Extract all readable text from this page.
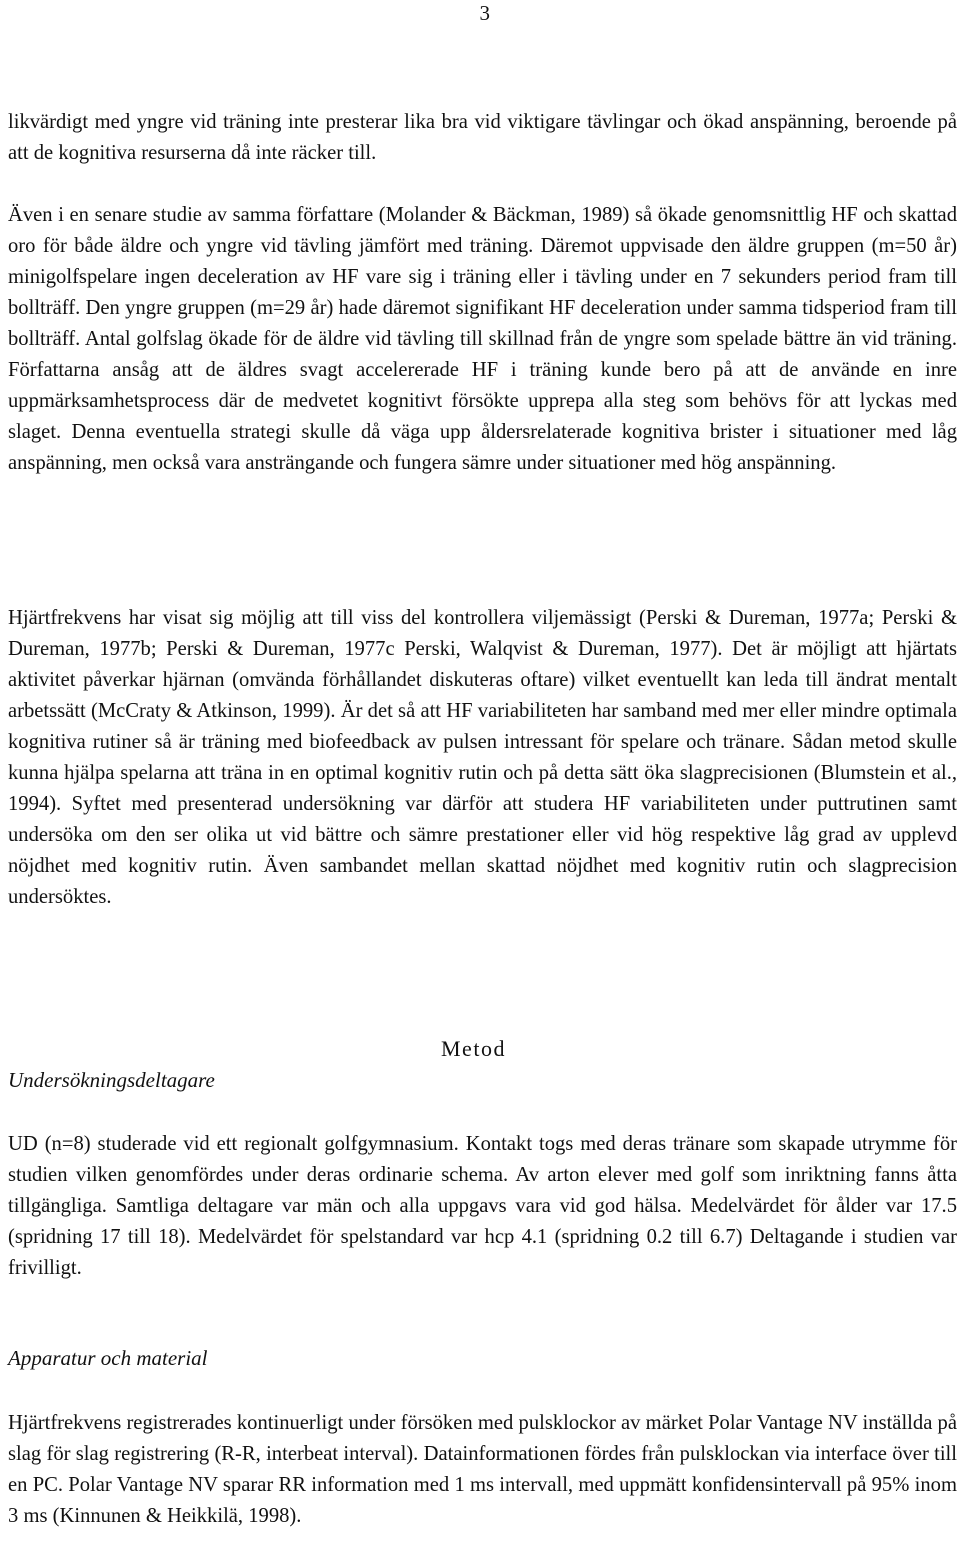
3

likvärdigt med yngre vid träning inte presterar lika bra vid viktigare tävlingar och ökad anspänning, beroende på att de kognitiva resurserna då inte räcker till.

Även i en senare studie av samma författare (Molander & Bäckman, 1989) så ökade genomsnittlig HF och skattad oro för både äldre och yngre vid tävling jämfört med träning. Däremot uppvisade den äldre gruppen (m=50 år) minigolfspelare ingen deceleration av HF vare sig i träning eller i tävling under en 7 sekunders period fram till bollträff. Den yngre gruppen (m=29 år) hade däremot signifikant HF deceleration under samma tidsperiod fram till bollträff. Antal golfslag ökade för de äldre vid tävling till skillnad från de yngre som spelade bättre än vid träning. Författarna ansåg att de äldres svagt accelererade HF i träning kunde bero på att de använde en inre uppmärksamhetsprocess där de medvetet kognitivt försökte upprepa alla steg som behövs för att lyckas med slaget. Denna eventuella strategi skulle då väga upp åldersrelaterade kognitiva brister i situationer med låg anspänning, men också vara ansträngande och fungera sämre under situationer med hög anspänning.

Hjärtfrekvens har visat sig möjlig att till viss del kontrollera viljemässigt (Perski & Dureman, 1977a; Perski & Dureman, 1977b; Perski & Dureman, 1977c Perski, Walqvist & Dureman, 1977). Det är möjligt att hjärtats aktivitet påverkar hjärnan (omvända förhållandet diskuteras oftare) vilket eventuellt kan leda till ändrat mentalt arbetssätt (McCraty & Atkinson, 1999). Är det så att HF variabiliteten har samband med mer eller mindre optimala kognitiva rutiner så är träning med biofeedback av pulsen intressant för spelare och tränare. Sådan metod skulle kunna hjälpa spelarna att träna in en optimal kognitiv rutin och på detta sätt öka slagprecisionen (Blumstein et al., 1994). Syftet med presenterad undersökning var därför att studera HF variabiliteten under puttrutinen samt undersöka om den ser olika ut vid bättre och sämre prestationer eller vid hög respektive låg grad av upplevd nöjdhet med kognitiv rutin. Även sambandet mellan skattad nöjdhet med kognitiv rutin och slagprecision undersöktes.

Metod
Undersökningsdeltagare

UD (n=8) studerade vid ett regionalt golfgymnasium. Kontakt togs med deras tränare som skapade utrymme för studien vilken genomfördes under deras ordinarie schema. Av arton elever med golf som inriktning fanns åtta tillgängliga. Samtliga deltagare var män och alla uppgavs vara vid god hälsa. Medelvärdet för ålder var 17.5 (spridning 17 till 18). Medelvärdet för spelstandard var hcp 4.1 (spridning 0.2 till 6.7) Deltagande i studien var frivilligt.

Apparatur och material

Hjärtfrekvens registrerades kontinuerligt under försöken med pulsklockor av märket Polar Vantage NV inställda på slag för slag registrering (R-R, interbeat interval). Datainformationen fördes från pulsklockan via interface över till en PC. Polar Vantage NV sparar RR information med 1 ms intervall, med uppmätt konfidensintervall på 95% inom 3 ms (Kinnunen & Heikkilä, 1998).
